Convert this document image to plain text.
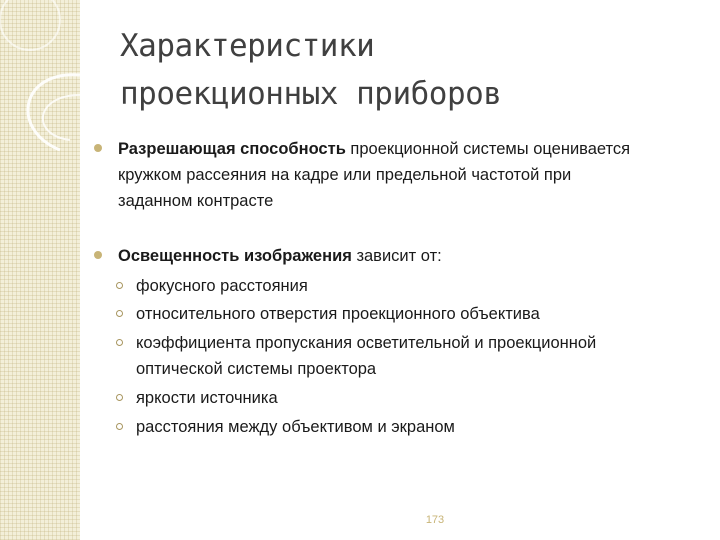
Характеристики
проекционных приборов
Разрешающая способность проекционной системы оценивается
кружком рассеяния на кадре или предельной частотой при
заданном контрасте
Освещенность изображения зависит от:
фокусного расстояния
относительного отверстия проекционного объектива
коэффициента пропускания осветительной и проекционной
оптической системы проектора
яркости источника
расстояния между объективом и экраном
173
